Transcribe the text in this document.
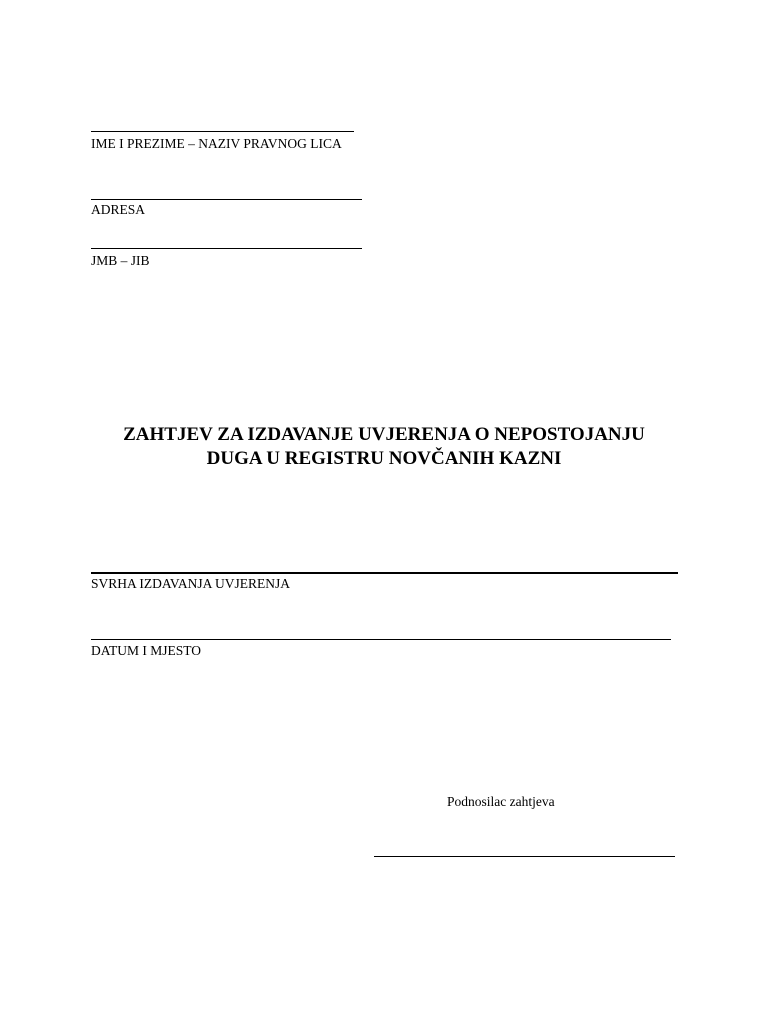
IME I PREZIME – NAZIV PRAVNOG LICA
ADRESA
JMB – JIB
ZAHTJEV ZA IZDAVANJE UVJERENJA O NEPOSTOJANJU
DUGA U REGISTRU NOVČANIH KAZNI
SVRHA IZDAVANJA UVJERENJA
DATUM I MJESTO
Podnosilac zahtjeva
